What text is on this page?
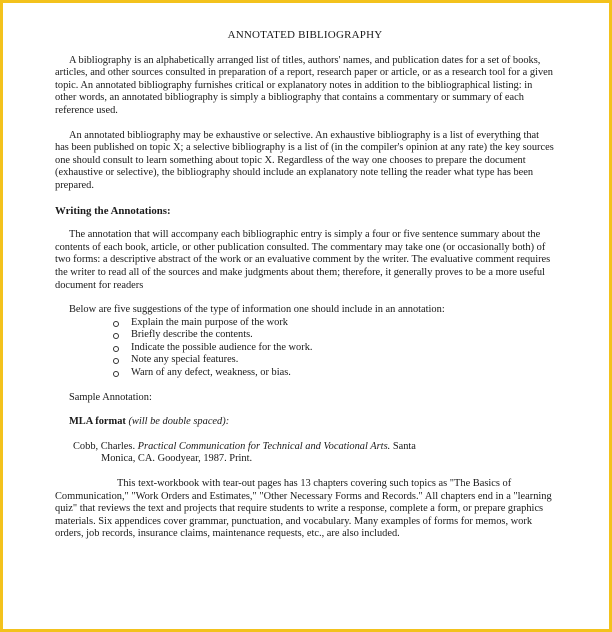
ANNOTATED BIBLIOGRAPHY

A bibliography is an alphabetically arranged list of titles, authors' names, and publication dates for a set of books, articles, and other sources consulted in preparation of a report, research paper or article, or as a research tool for a given topic. An annotated bibliography furnishes critical or explanatory notes in addition to the bibliographical listing: in other words, an annotated bibliography is simply a bibliography that contains a commentary or summary of each reference used.

An annotated bibliography may be exhaustive or selective. An exhaustive bibliography is a list of everything that has been published on topic X; a selective bibliography is a list of (in the compiler's opinion at any rate) the key sources one should consult to learn something about topic X. Regardless of the way one chooses to prepare the document (exhaustive or selective), the bibliography should include an explanatory note telling the reader what type has been prepared.

Writing the Annotations:

The annotation that will accompany each bibliographic entry is simply a four or five sentence summary about the contents of each book, article, or other publication consulted. The commentary may take one (or occasionally both) of two forms: a descriptive abstract of the work or an evaluative comment by the writer. The evaluative comment requires the writer to read all of the sources and make judgments about them; therefore, it generally proves to be a more useful document for readers

Below are five suggestions of the type of information one should include in an annotation:

Explain the main purpose of the work
Briefly describe the contents.
Indicate the possible audience for the work.
Note any special features.
Warn of any defect, weakness, or bias.

Sample Annotation:

MLA format (will be double spaced):

Cobb, Charles. Practical Communication for Technical and Vocational Arts. Santa
Monica, CA. Goodyear, 1987. Print.

This text-workbook with tear-out pages has 13 chapters covering such topics as "The Basics of Communication," "Work Orders and Estimates," "Other Necessary Forms and Records." All chapters end in a "learning quiz" that reviews the text and projects that require students to write a response, complete a form, or prepare graphics materials. Six appendices cover grammar, punctuation, and vocabulary. Many examples of forms for memos, work orders, job records, insurance claims, maintenance requests, etc., are also included.
